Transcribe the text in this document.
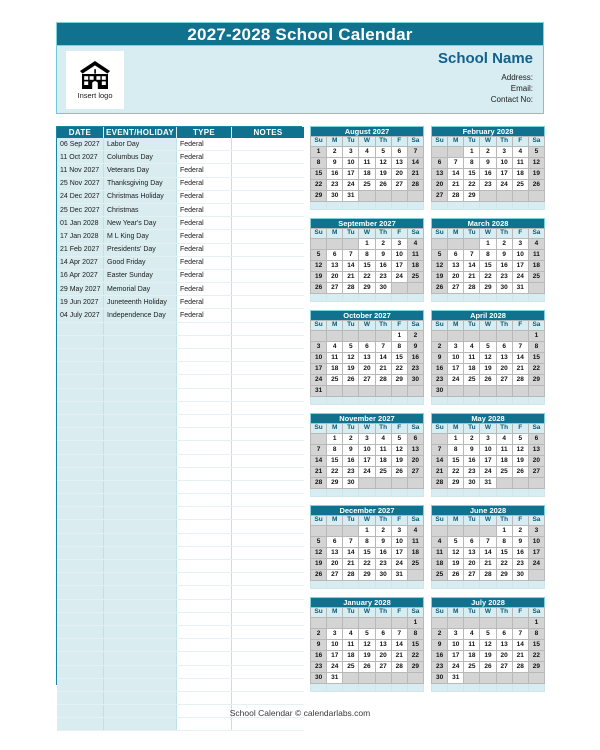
2027-2028 School Calendar
Insert logo
School Name
Address:
Email:
Contact No:
DATE	EVENT/HOLIDAY	TYPE	NOTES
06 Sep 2027	Labor Day	Federal	
11 Oct 2027	Columbus Day	Federal	
11 Nov 2027	Veterans Day	Federal	
25 Nov 2027	Thanksgiving Day	Federal	
24 Dec 2027	Christmas Holiday	Federal	
25 Dec 2027	Christmas	Federal	
01 Jan 2028	New Year's Day	Federal	
17 Jan 2028	M L King Day	Federal	
21 Feb 2027	Presidents' Day	Federal	
14 Apr 2027	Good Friday	Federal	
16 Apr 2027	Easter Sunday	Federal	
29 May 2027	Memorial Day	Federal	
19 Jun 2027	Juneteenth Holiday	Federal	
04 July 2027	Independence Day	Federal	

August 2027
Su	M	Tu	W	Th	F	Sa
1	2	3	4	5	6	7
8	9	10	11	12	13	14
15	16	17	18	19	20	21
22	23	24	25	26	27	28
29	30	31				

February 2028
Su	M	Tu	W	Th	F	Sa
		1	2	3	4	5
6	7	8	9	10	11	12
13	14	15	16	17	18	19
20	21	22	23	24	25	26
27	28	29				

September 2027
Su	M	Tu	W	Th	F	Sa
			1	2	3	4
5	6	7	8	9	10	11
12	13	14	15	16	17	18
19	20	21	22	23	24	25
26	27	28	29	30		

March 2028
Su	M	Tu	W	Th	F	Sa
			1	2	3	4
5	6	7	8	9	10	11
12	13	14	15	16	17	18
19	20	21	22	23	24	25
26	27	28	29	30	31	

October 2027
Su	M	Tu	W	Th	F	Sa
					1	2
3	4	5	6	7	8	9
10	11	12	13	14	15	16
17	18	19	20	21	22	23
24	25	26	27	28	29	30
31						

April 2028
Su	M	Tu	W	Th	F	Sa
						1
2	3	4	5	6	7	8
9	10	11	12	13	14	15
16	17	18	19	20	21	22
23	24	25	26	27	28	29
30						

November 2027
Su	M	Tu	W	Th	F	Sa
	1	2	3	4	5	6
7	8	9	10	11	12	13
14	15	16	17	18	19	20
21	22	23	24	25	26	27
28	29	30				

May 2028
Su	M	Tu	W	Th	F	Sa
	1	2	3	4	5	6
7	8	9	10	11	12	13
14	15	16	17	18	19	20
21	22	23	24	25	26	27
28	29	30	31			

December 2027
Su	M	Tu	W	Th	F	Sa
			1	2	3	4
5	6	7	8	9	10	11
12	13	14	15	16	17	18
19	20	21	22	23	24	25
26	27	28	29	30	31	

June 2028
Su	M	Tu	W	Th	F	Sa
				1	2	3
4	5	6	7	8	9	10
11	12	13	14	15	16	17
18	19	20	21	22	23	24
25	26	27	28	29	30	

January 2028
Su	M	Tu	W	Th	F	Sa
						1
2	3	4	5	6	7	8
9	10	11	12	13	14	15
16	17	18	19	20	21	22
23	24	25	26	27	28	29
30	31					

July 2028
Su	M	Tu	W	Th	F	Sa
						1
2	3	4	5	6	7	8
9	10	11	12	13	14	15
16	17	18	19	20	21	22
23	24	25	26	27	28	29
30	31					

School Calendar © calendarlabs.com
